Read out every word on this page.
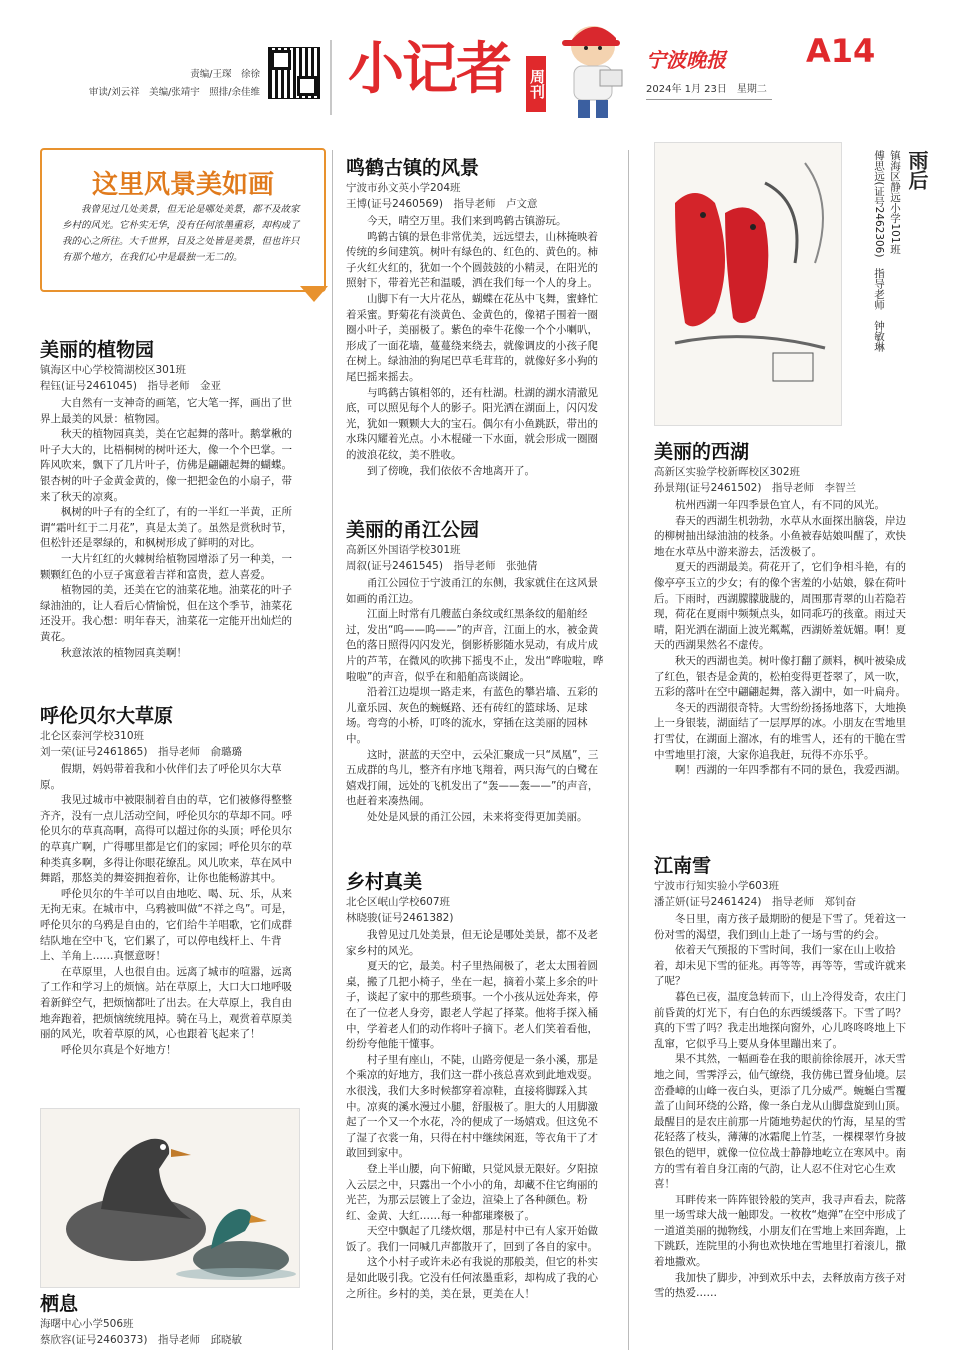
责编/王琛　徐徐
审读/刘云祥　美编/张靖宇　照排/余佳维 小记者 周刊
宁波晚报	A14
2024年 1月 23日　星期二
这里风景美如画
我曾见过几处美景，但无论是哪处美景，都不及故家乡村的风光。它朴实无华，没有任何浓墨重彩，却构成了我的心之所往。大千世界，目及之处皆是美景，但也许只有那个地方，在我们心中是最独一无二的。
美丽的植物园
镇海区中心学校简湖校区301班
程钰(证号2461045)　指导老师　金亚

大自然有一支神奇的画笔，它大笔一挥，画出了世界上最美的风景：植物园。

秋天的植物园真美，美在它起舞的落叶。鹅掌楸的叶子大大的，比梧桐树的树叶还大，像一个个巴掌。一阵风吹来，飘下了几片叶子，仿佛是翩翩起舞的蝴蝶。银杏树的叶子金黄金黄的，像一把把金色的小扇子，带来了秋天的凉爽。

枫树的叶子有的全红了，有的一半红一半黄，正所谓“霜叶红于二月花”，真是太美了。虽然是赏秋时节，但松针还是翠绿的，和枫树形成了鲜明的对比。

一大片红红的火棘树给植物园增添了另一种美，一颗颗红色的小豆子寓意着吉祥和富贵，惹人喜爱。

植物园的美，还美在它的油菜花地。油菜花的叶子绿油油的，让人看后心情愉悦，但在这个季节，油菜花还没开。我心想：明年春天，油菜花一定能开出灿烂的黄花。

秋意浓浓的植物园真美啊！

呼伦贝尔大草原
北仑区泰河学校310班
刘一荣(证号2461865)　指导老师　俞璐璐

假期，妈妈带着我和小伙伴们去了呼伦贝尔大草原。

我见过城市中被限制着自由的草，它们被修得整整齐齐，没有一点儿活动空间，呼伦贝尔的草却不同。呼伦贝尔的草真高啊，高得可以超过你的头顶；呼伦贝尔的草真广啊，广得哪里都是它们的家园；呼伦贝尔的草种类真多啊，多得让你眼花缭乱。风儿吹来，草在风中舞蹈，那悠美的舞姿拥抱着你，让你也能畅游其中。

呼伦贝尔的牛羊可以自由地吃、喝、玩、乐，从来无拘无束。在城市中，乌鸦被叫做“不祥之鸟”。可是，呼伦贝尔的乌鸦是自由的，它们给牛羊唱歌，它们成群结队地在空中飞，它们累了，可以停电线杆上、牛背上、羊角上……真惬意呀！

在草原里，人也很自由。远离了城市的喧嚣，远离了工作和学习上的烦恼。站在草原上，大口大口地呼吸着新鲜空气，把烦恼都吐了出去。在大草原上，我自由地奔跑着，把烦恼统统甩掉。骑在马上，观赏着草原美丽的风光，吹着草原的风，心也跟着飞起来了！

呼伦贝尔真是个好地方！

栖息
海曙中心小学506班
蔡欣容(证号2460373)　指导老师　邱晓敏
鸣鹤古镇的风景
宁波市孙文英小学204班
王博(证号2460569)　指导老师　卢文意

今天，晴空万里。我们来到鸣鹤古镇游玩。

鸣鹤古镇的景色非常优美，远远望去，山林掩映着传统的乡间建筑。树叶有绿色的、红色的、黄色的。柿子火红火红的，犹如一个个圆鼓鼓的小精灵，在阳光的照射下，带着光芒和温暖，洒在我们每一个人的身上。

山脚下有一大片花丛，蝴蝶在花丛中飞舞，蜜蜂忙着采蜜。野菊花有淡黄色、金黄色的，像裙子围着一圈圈小叶子，美丽极了。紫色的牵牛花像一个个小喇叭，形成了一面花墙，蔓蔓绕来绕去，就像调皮的小孩子爬在树上。绿油油的狗尾巴草毛茸茸的，就像好多小狗的尾巴摇来摇去。

与鸣鹤古镇相邻的，还有杜湖。杜湖的湖水清澈见底，可以照见每个人的影子。阳光洒在湖面上，闪闪发光，犹如一颗颗大大的宝石。偶尔有小鱼跳跃，带出的水珠闪耀着光点。小木棍碰一下水面，就会形成一圈圈的波浪花纹，美不胜收。

到了傍晚，我们依依不舍地离开了。

美丽的甬江公园
高新区外国语学校301班
周叙(证号2461545)　指导老师　张弛倩

甬江公园位于宁波甬江的东侧，我家就住在这风景如画的甬江边。

江面上时常有几艘蓝白条纹或红黑条纹的船舶经过，发出“呜——呜——”的声音，江面上的水，被金黄色的落日照得闪闪发光，倒影桥影随水晃动，有成片成片的芦苇，在微风的吹拂下摇曳不止，发出“哗啦啦，哗啦啦”的声音，似乎在和船舶高谈阔论。

沿着江边堤坝一路走来，有蓝色的攀岩墙、五彩的儿童乐园、灰色的蜿蜒路、还有砖红的篮球场、足球场。弯弯的小桥，叮咚的流水，穿插在这美丽的园林中。

这时，湛蓝的天空中，云朵汇聚成一只“凤凰”，三五成群的鸟儿，整齐有序地飞翔着，两只海气的白鹭在嬉戏打闹，远处的飞机发出了“轰——轰——”的声音，也赶着来凑热闹。

处处是风景的甬江公园，未来将变得更加美丽。

乡村真美
北仑区岷山学校607班
林晓骏(证号2461382)

我曾见过几处美景，但无论是哪处美景，都不及老家乡村的风光。

夏天的它，最美。村子里热闹极了，老太太围着圆桌，搬了几把小椅子，坐在一起，摘着小菜上多余的叶子，谈起了家中的那些琐事。一个小孩从远处奔来，停在了一位老人身旁，跟老人学起了择菜。他将手探入桶中，学着老人们的动作将叶子摘下。老人们笑着看他，纷纷夸他能干懂事。

村子里有座山，不陡，山路旁便是一条小溪，那是个乘凉的好地方，我们这一群小孩总喜欢到此地戏耍。水很浅，我们大多时候都穿着凉鞋，直接将脚踩入其中。凉爽的溪水漫过小腿，舒服极了。胆大的人用脚激起了一个又一个水花，冷的便成了一场嬉戏。但这免不了湿了衣裳一角，只得在村中继续闲逛，等衣角干了才敢回到家中。

登上半山腰，向下俯瞰，只觉风景无限好。夕阳掠入云层之中，只露出一个小小的角，却藏不住它绚丽的光芒，为那云层镀上了金边，渲染上了各种颜色。粉红、金黄、大红……每一种都璀璨极了。

天空中飘起了几缕炊烟，那是村中已有人家开始做饭了。我们一同喊几声都散开了，回到了各自的家中。

这个小村子或许未必有我说的那般美，但它的朴实是如此吸引我。它没有任何浓墨重彩，却构成了我的心之所往。乡村的美，美在景，更美在人！

雨后
镇海区静远小学101班
傅思远(证号2462306)　指导老师　钟敏琳
美丽的西湖
高新区实验学校新晖校区302班
孙景翔(证号2461502)　指导老师　李智兰

杭州西湖一年四季景色宜人，有不同的风光。

春天的西湖生机勃勃，水草从水面探出脑袋，岸边的柳树抽出绿油油的枝条。小鱼被春姑娘叫醒了，欢快地在水草丛中游来游去，活泼极了。

夏天的西湖最美。荷花开了，它们争相斗艳，有的像亭亭玉立的少女；有的像个害羞的小姑娘，躲在荷叶后。下雨时，西湖朦朦胧胧的，周围那青翠的山若隐若现，荷花在夏雨中频频点头，如同乖巧的孩童。雨过天晴，阳光洒在湖面上波光粼粼，西湖娇羞妩媚。啊！夏天的西湖果然名不虚传。

秋天的西湖也美。树叶像打翻了颜料，枫叶被染成了红色，银杏是金黄的，松柏变得更苍翠了，风一吹，五彩的落叶在空中翩翩起舞，落入湖中，如一叶扁舟。

冬天的西湖很奇特。大雪纷纷扬扬地落下，大地换上一身银装，湖面结了一层厚厚的冰。小朋友在雪地里打雪仗，在湖面上溜冰，有的堆雪人，还有的干脆在雪中雪地里打滚，大家你追我赶，玩得不亦乐乎。

啊！西湖的一年四季都有不同的景色，我爱西湖。

江南雪
宁波市行知实验小学603班
潘芷妍(证号2461424)　指导老师　郑钊奋

冬日里，南方孩子最期盼的便是下雪了。凭着这一份对雪的渴望，我们到山上赴了一场与雪的约会。

依着天气预报的下雪时间，我们一家在山上收拾着，却未见下雪的征兆。再等等，再等等，雪或许就来了呢？

暮色已夜，温度急转而下，山上冷得发奇，农庄门前昏黄的灯光下，有白色的东西缓缓落下。下雪了吗？真的下雪了吗？我走出地探向窗外，心儿咚咚咚地上下乱窜，它似乎马上要从身体里蹦出来了。

果不其然，一幅画卷在我的眼前徐徐展开，冰天雪地之间，雪霁浮云，仙气缭绕，我仿佛已置身仙境。层峦叠嶂的山峰一夜白头，更添了几分威严。蜿蜒白雪覆盖了山间环绕的公路，像一条白龙从山脚盘旋到山顶。最醒目的是农庄前那一片随地势起伏的竹海，星星的雪花轻落了枝头，薄薄的冰霜爬上竹茎，一棵棵翠竹身披银色的铠甲，就像一位位战士静静地屹立在寒风中。南方的雪有着自身江南的气韵，让人忍不住对它心生欢喜！

耳畔传来一阵阵银铃般的笑声，我寻声看去，院落里一场雪球大战一触即发。一枚枚“炮弹”在空中形成了一道道美丽的抛物线，小朋友们在雪地上来回奔跑，上下跳跃，连院里的小狗也欢快地在雪地里打着滚儿，撒着地撒欢。

我加快了脚步，冲到欢乐中去，去释放南方孩子对雪的热爱……
